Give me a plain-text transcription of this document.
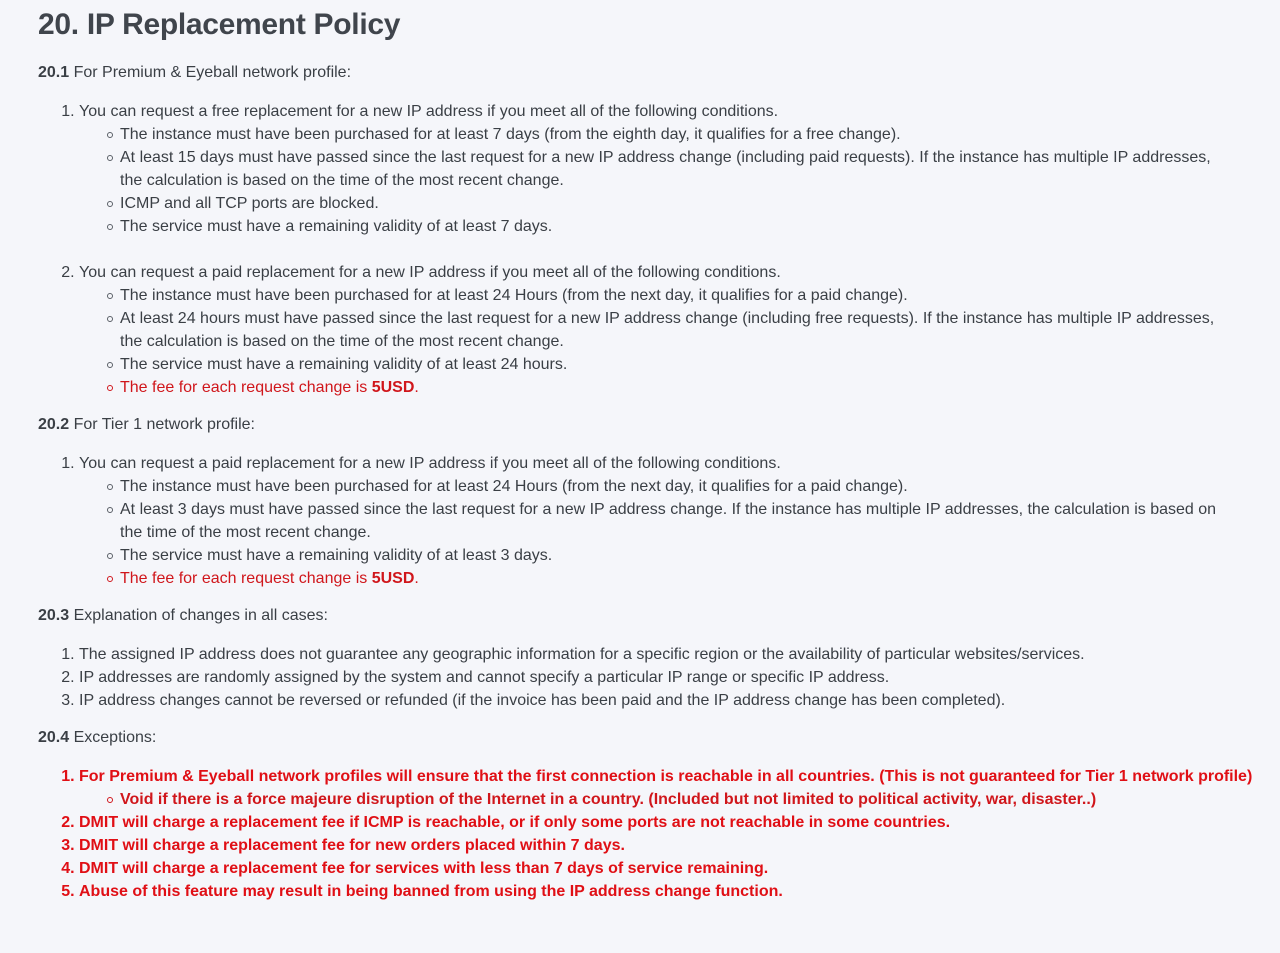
20. IP Replacement Policy
20.1 For Premium & Eyeball network profile:
1. You can request a free replacement for a new IP address if you meet all of the following conditions.
The instance must have been purchased for at least 7 days (from the eighth day, it qualifies for a free change).
At least 15 days must have passed since the last request for a new IP address change (including paid requests). If the instance has multiple IP addresses, the calculation is based on the time of the most recent change.
ICMP and all TCP ports are blocked.
The service must have a remaining validity of at least 7 days.
2. You can request a paid replacement for a new IP address if you meet all of the following conditions.
The instance must have been purchased for at least 24 Hours (from the next day, it qualifies for a paid change).
At least 24 hours must have passed since the last request for a new IP address change (including free requests). If the instance has multiple IP addresses, the calculation is based on the time of the most recent change.
The service must have a remaining validity of at least 24 hours.
The fee for each request change is 5USD.
20.2 For Tier 1 network profile:
1. You can request a paid replacement for a new IP address if you meet all of the following conditions.
The instance must have been purchased for at least 24 Hours (from the next day, it qualifies for a paid change).
At least 3 days must have passed since the last request for a new IP address change. If the instance has multiple IP addresses, the calculation is based on the time of the most recent change.
The service must have a remaining validity of at least 3 days.
The fee for each request change is 5USD.
20.3 Explanation of changes in all cases:
1. The assigned IP address does not guarantee any geographic information for a specific region or the availability of particular websites/services.
2. IP addresses are randomly assigned by the system and cannot specify a particular IP range or specific IP address.
3. IP address changes cannot be reversed or refunded (if the invoice has been paid and the IP address change has been completed).
20.4 Exceptions:
1. For Premium & Eyeball network profiles will ensure that the first connection is reachable in all countries. (This is not guaranteed for Tier 1 network profile)
Void if there is a force majeure disruption of the Internet in a country. (Included but not limited to political activity, war, disaster..)
2. DMIT will charge a replacement fee if ICMP is reachable, or if only some ports are not reachable in some countries.
3. DMIT will charge a replacement fee for new orders placed within 7 days.
4. DMIT will charge a replacement fee for services with less than 7 days of service remaining.
5. Abuse of this feature may result in being banned from using the IP address change function.
